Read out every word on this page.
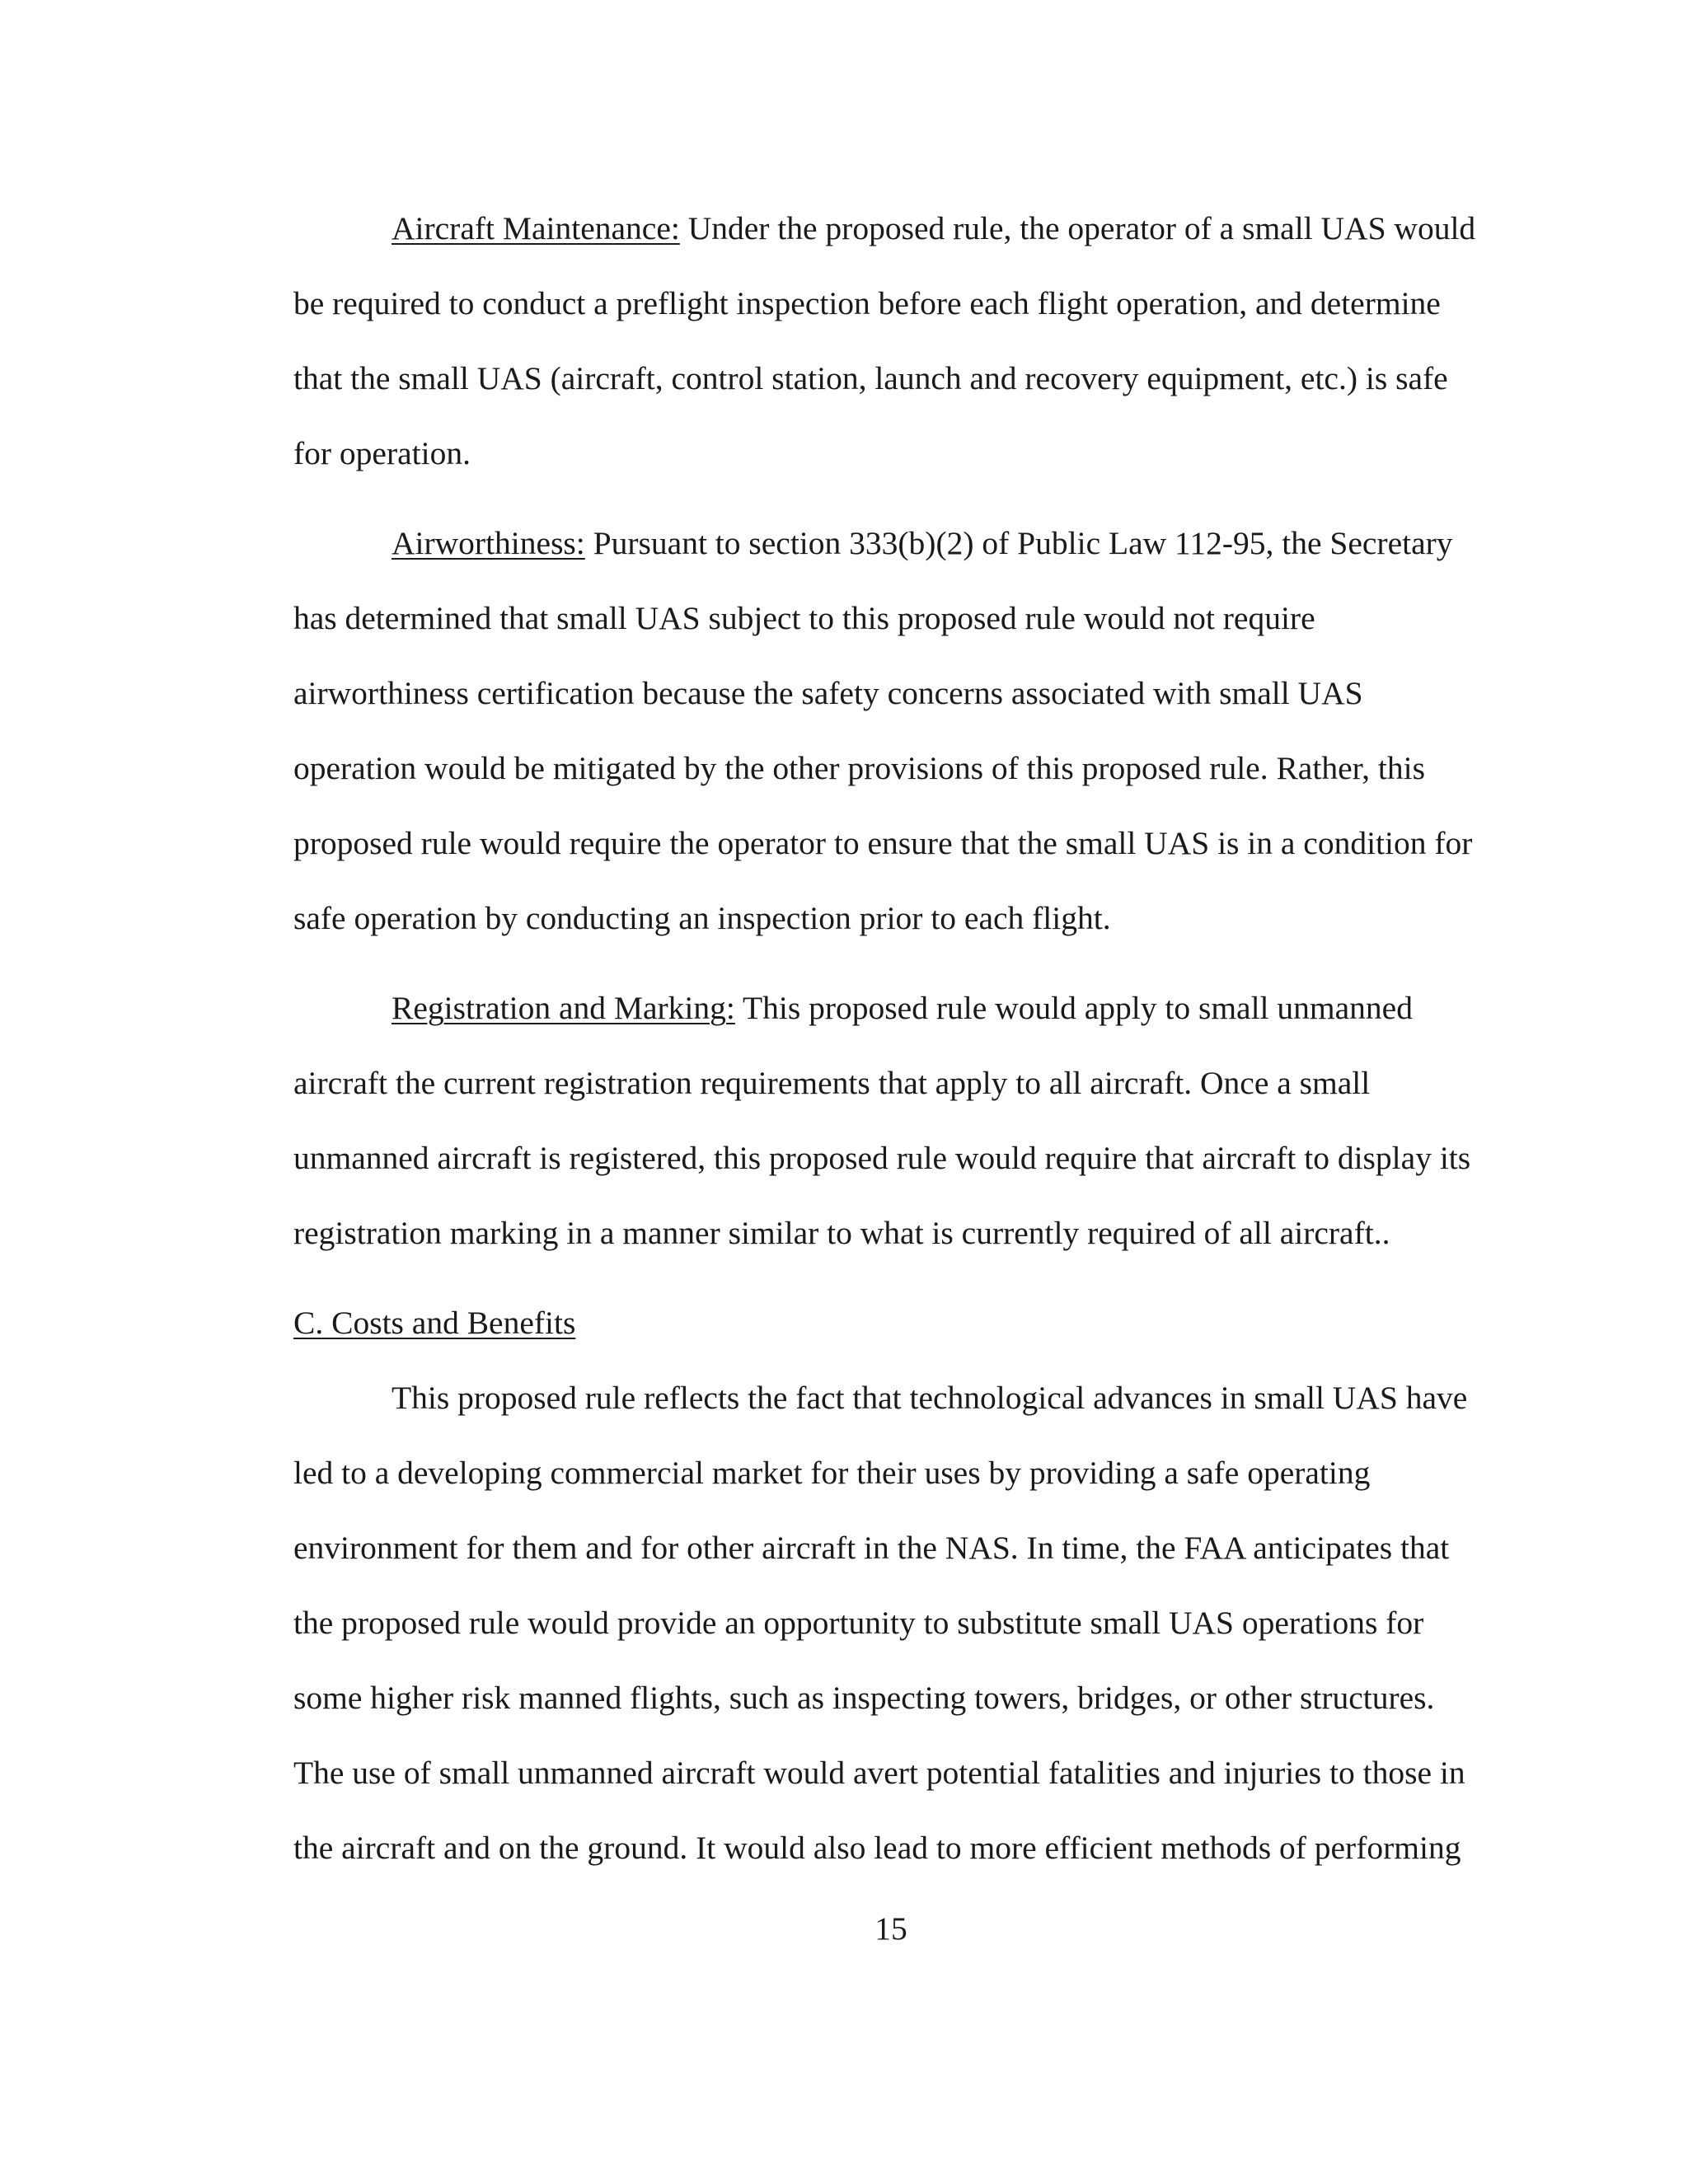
Aircraft Maintenance: Under the proposed rule, the operator of a small UAS would be required to conduct a preflight inspection before each flight operation, and determine that the small UAS (aircraft, control station, launch and recovery equipment, etc.) is safe for operation.

Airworthiness: Pursuant to section 333(b)(2) of Public Law 112-95, the Secretary has determined that small UAS subject to this proposed rule would not require airworthiness certification because the safety concerns associated with small UAS operation would be mitigated by the other provisions of this proposed rule. Rather, this proposed rule would require the operator to ensure that the small UAS is in a condition for safe operation by conducting an inspection prior to each flight.

Registration and Marking: This proposed rule would apply to small unmanned aircraft the current registration requirements that apply to all aircraft. Once a small unmanned aircraft is registered, this proposed rule would require that aircraft to display its registration marking in a manner similar to what is currently required of all aircraft..

C. Costs and Benefits

This proposed rule reflects the fact that technological advances in small UAS have led to a developing commercial market for their uses by providing a safe operating environment for them and for other aircraft in the NAS. In time, the FAA anticipates that the proposed rule would provide an opportunity to substitute small UAS operations for some higher risk manned flights, such as inspecting towers, bridges, or other structures. The use of small unmanned aircraft would avert potential fatalities and injuries to those in the aircraft and on the ground. It would also lead to more efficient methods of performing

15
